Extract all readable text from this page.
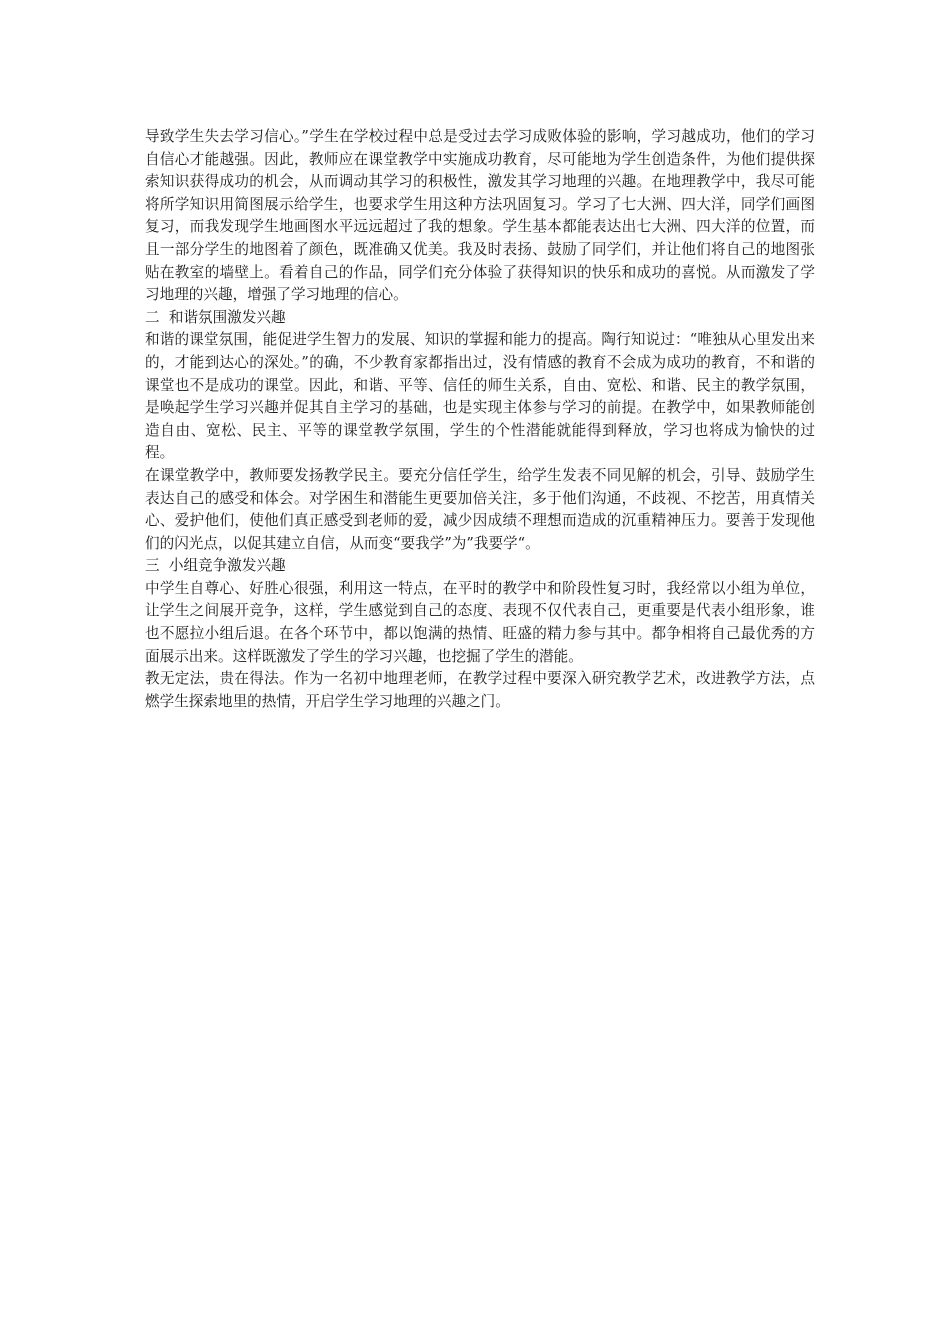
导致学生失去学习信心。”学生在学校过程中总是受过去学习成败体验的影响，学习越成功，他们的学习自信心才能越强。因此，教师应在课堂教学中实施成功教育，尽可能地为学生创造条件，为他们提供探索知识获得成功的机会，从而调动其学习的积极性，激发其学习地理的兴趣。在地理教学中，我尽可能将所学知识用简图展示给学生，也要求学生用这种方法巩固复习。学习了七大洲、四大洋，同学们画图复习，而我发现学生地画图水平远远超过了我的想象。学生基本都能表达出七大洲、四大洋的位置，而且一部分学生的地图着了颜色，既准确又优美。我及时表扬、鼓励了同学们，并让他们将自己的地图张贴在教室的墙壁上。看着自己的作品，同学们充分体验了获得知识的快乐和成功的喜悦。从而激发了学习地理的兴趣，增强了学习地理的信心。

二  和谐氛围激发兴趣

和谐的课堂氛围，能促进学生智力的发展、知识的掌握和能力的提高。陶行知说过：“唯独从心里发出来的，才能到达心的深处。”的确，不少教育家都指出过，没有情感的教育不会成为成功的教育，不和谐的课堂也不是成功的课堂。因此，和谐、平等、信任的师生关系，自由、宽松、和谐、民主的教学氛围，是唤起学生学习兴趣并促其自主学习的基础，也是实现主体参与学习的前提。在教学中，如果教师能创造自由、宽松、民主、平等的课堂教学氛围，学生的个性潜能就能得到释放，学习也将成为愉快的过程。

在课堂教学中，教师要发扬教学民主。要充分信任学生，给学生发表不同见解的机会，引导、鼓励学生表达自己的感受和体会。对学困生和潜能生更要加倍关注，多于他们沟通，不歧视、不挖苦，用真情关心、爱护他们，使他们真正感受到老师的爱，减少因成绩不理想而造成的沉重精神压力。要善于发现他们的闪光点，以促其建立自信，从而变“要我学”为”我要学“。

三  小组竞争激发兴趣

中学生自尊心、好胜心很强，利用这一特点，在平时的教学中和阶段性复习时，我经常以小组为单位，让学生之间展开竞争，这样，学生感觉到自己的态度、表现不仅代表自己，更重要是代表小组形象，谁也不愿拉小组后退。在各个环节中，都以饱满的热情、旺盛的精力参与其中。都争相将自己最优秀的方面展示出来。这样既激发了学生的学习兴趣，也挖掘了学生的潜能。

教无定法，贵在得法。作为一名初中地理老师，在教学过程中要深入研究教学艺术，改进教学方法，点燃学生探索地里的热情，开启学生学习地理的兴趣之门。
